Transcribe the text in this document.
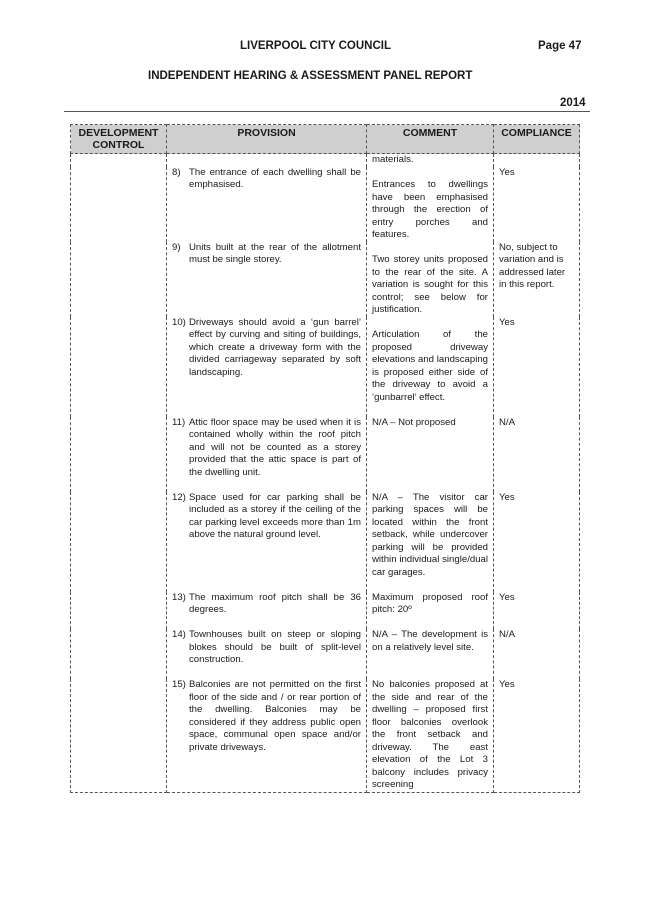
LIVERPOOL CITY COUNCIL	Page 47
INDEPENDENT HEARING & ASSESSMENT PANEL REPORT
2014
DEVELOPMENT CONTROL	PROVISION	COMMENT	COMPLIANCE
		materials.	

	8) The entrance of each dwelling shall be emphasised.	Entrances to dwellings have been emphasised through the erection of entry porches and features.	Yes

	9) Units built at the rear of the allotment must be single storey.	Two storey units proposed to the rear of the site. A variation is sought for this control; see below for justification.	No, subject to variation and is addressed later in this report.

	10) Driveways should avoid a ‘gun barrel’ effect by curving and siting of buildings, which create a driveway form with the divided carriageway separated by soft landscaping.	Articulation of the proposed driveway elevations and landscaping is proposed either side of the driveway to avoid a ‘gunbarrel’ effect.	Yes

	11) Attic floor space may be used when it is contained wholly within the roof pitch and will not be counted as a storey provided that the attic space is part of the dwelling unit.	N/A – Not proposed	N/A

	12) Space used for car parking shall be included as a storey if the ceiling of the car parking level exceeds more than 1m above the natural ground level.	N/A – The visitor car parking spaces will be located within the front setback, while undercover parking will be provided within individual single/dual car garages.	Yes

	13) The maximum roof pitch shall be 36 degrees.	Maximum proposed roof pitch: 20º	Yes

	14) Townhouses built on steep or sloping blokes should be built of split-level construction.	N/A – The development is on a relatively level site.	N/A

	15) Balconies are not permitted on the first floor of the side and / or rear portion of the dwelling. Balconies may be considered if they address public open space, communal open space and/or private driveways.	No balconies proposed at the side and rear of the dwelling – proposed first floor balconies overlook the front setback and driveway. The east elevation of the Lot 3 balcony includes privacy screening	Yes
